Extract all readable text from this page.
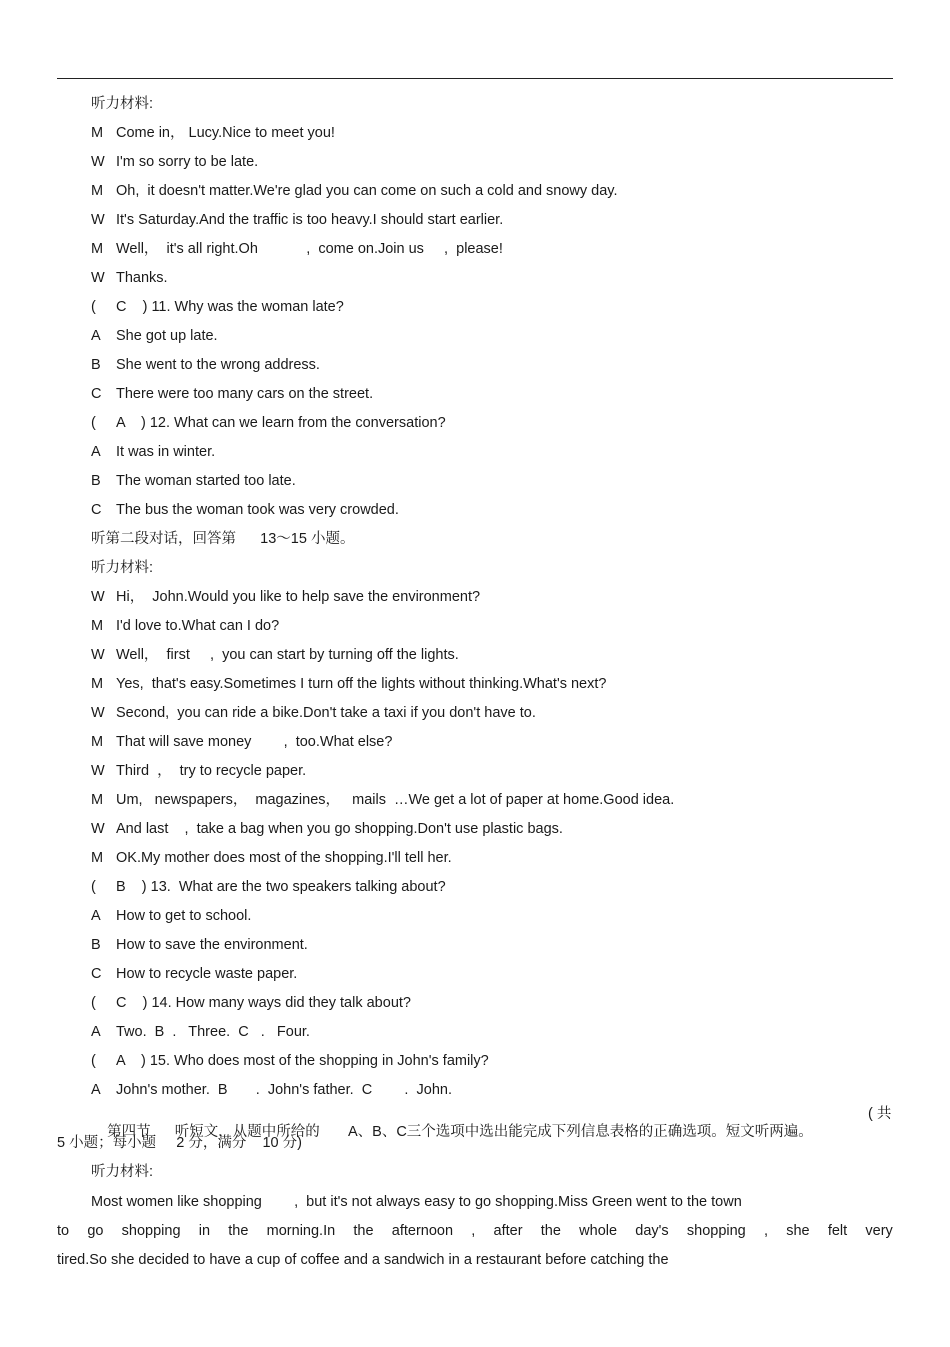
第四节      听短文，从题中所给的       A、B、C三个选项中选出能完成下列信息表格的正确选项。短文听两遍。

( 共
5 小题；每小题     2 分，满分    10 分)
听力材料:
Most women like shopping        ,  but it's not always easy to go shopping.Miss Green went to the town
to go shopping in the morning.In the afternoon , after the whole day's shopping , she felt very
tired.So she decided to have a cup of coffee and a sandwich in a restaurant before catching the
听力材料:
M Come in， Lucy.Nice to meet you!
W I'm so sorry to be late.
M Oh,  it doesn't matter.We're glad you can come on such a cold and snowy day.
W It's Saturday.And the traffic is too heavy.I should start earlier.
M Well，  it's all right.Oh            ,  come on.Join us     ,  please!
W Thanks.
( C    ) 11. Why was the woman late?
A She got up late.
B She went to the wrong address.
C There were too many cars on the street.
( A    ) 12. What can we learn from the conversation?
A It was in winter.
B The woman started too late.
C The bus the woman took was very crowded.
听第二段对话，回答第      13～15 小题。
听力材料:
W Hi，  John.Would you like to help save the environment?
M I'd love to.What can I do?
W Well，  first     ,  you can start by turning off the lights.
M Yes,  that's easy.Sometimes I turn off the lights without thinking.What's next?
W Second,  you can ride a bike.Don't take a taxi if you don't have to.
M That will save money        ,  too.What else?
W Third  ，  try to recycle paper.
M Um,   newspapers，  magazines，   mails  …We get a lot of paper at home.Good idea.
W And last    ,  take a bag when you go shopping.Don't use plastic bags.
M OK.My mother does most of the shopping.I'll tell her.
( B    ) 13.  What are the two speakers talking about?
A How to get to school.
B How to save the environment.
C How to recycle waste paper.
( C    ) 14. How many ways did they talk about?
A Two.  B  .   Three.  C   .   Four.
( A    ) 15. Who does most of the shopping in John's family?
A John's mother.  B       .  John's father.  C        .  John.
